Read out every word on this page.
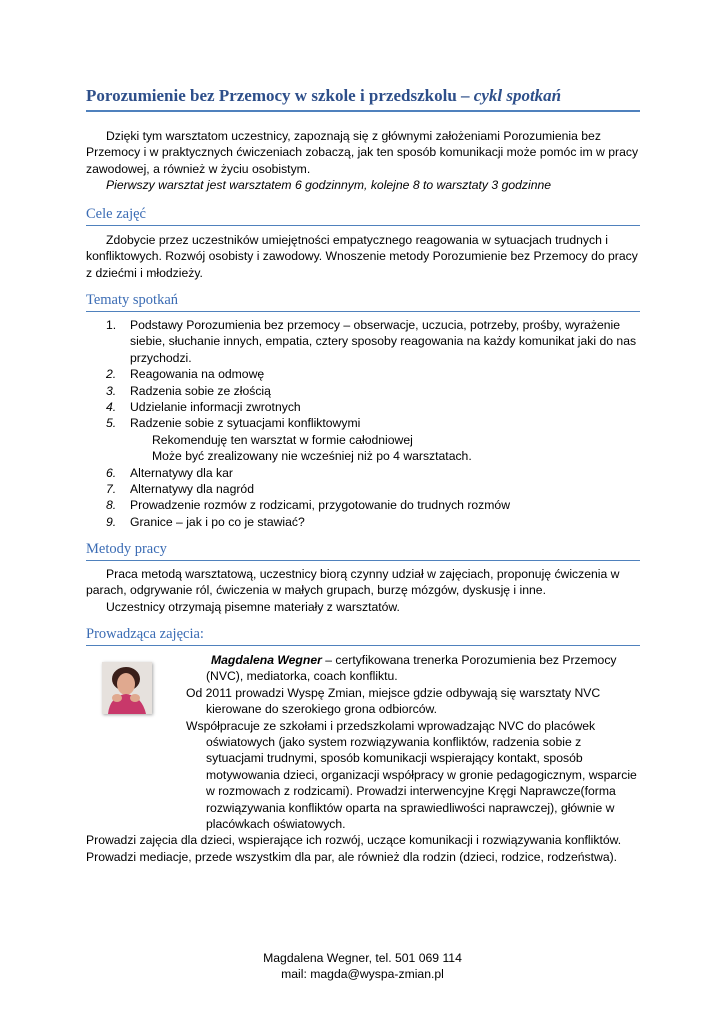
Porozumienie bez Przemocy w szkole i przedszkolu – cykl spotkań

Dzięki tym warsztatom uczestnicy, zapoznają się z głównymi założeniami Porozumienia bez Przemocy i w praktycznych ćwiczeniach zobaczą, jak ten sposób komunikacji może pomóc im w pracy zawodowej, a również w życiu osobistym.

Pierwszy warsztat jest warsztatem 6 godzinnym, kolejne 8 to warsztaty 3 godzinne

Cele zajęć

Zdobycie przez uczestników umiejętności empatycznego reagowania w sytuacjach trudnych i konfliktowych. Rozwój osobisty i zawodowy. Wnoszenie metody Porozumienie bez Przemocy do pracy z dziećmi i młodzieży.

Tematy spotkań
1. Podstawy Porozumienia bez przemocy – obserwacje, uczucia, potrzeby, prośby, wyrażenie siebie, słuchanie innych, empatia, cztery sposoby reagowania na każdy komunikat jaki do nas przychodzi.
2. Reagowania na odmowę
3. Radzenia sobie ze złością
4. Udzielanie informacji zwrotnych
5. Radzenie sobie z sytuacjami konfliktowymi

Rekomenduję ten warsztat w formie całodniowej

Może być zrealizowany nie wcześniej niż po 4 warsztatach.

6. Alternatywy dla kar
7. Alternatywy dla nagród
8. Prowadzenie rozmów z rodzicami, przygotowanie do trudnych rozmów
9. Granice – jak i po co je stawiać?
Metody pracy

Praca metodą warsztatową, uczestnicy biorą czynny udział w zajęciach, proponuję ćwiczenia w parach, odgrywanie ról, ćwiczenia w małych grupach, burzę mózgów, dyskusję i inne.

Uczestnicy otrzymają pisemne materiały z warsztatów.

Prowadząca zajęcia:

Magdalena Wegner – certyfikowana trenerka Porozumienia bez Przemocy (NVC), mediatorka, coach konfliktu.

Od 2011 prowadzi Wyspę Zmian, miejsce gdzie odbywają się warsztaty NVC kierowane do szerokiego grona odbiorców.

Współpracuje ze szkołami i przedszkolami wprowadzając NVC do placówek oświatowych (jako system rozwiązywania konfliktów, radzenia sobie z sytuacjami trudnymi, sposób komunikacji wspierający kontakt, sposób motywowania dzieci, organizacji współpracy w gronie pedagogicznym, wsparcie w rozmowach z rodzicami). Prowadzi interwencyjne Kręgi Naprawcze(forma rozwiązywania konfliktów oparta na sprawiedliwości naprawczej), głównie w placówkach oświatowych.

Prowadzi zajęcia dla dzieci, wspierające ich rozwój, uczące komunikacji i rozwiązywania konfliktów.

Prowadzi mediacje, przede wszystkim dla par, ale również dla rodzin (dzieci, rodzice, rodzeństwa).

Magdalena Wegner, tel. 501 069 114
mail: magda@wyspa-zmian.pl
